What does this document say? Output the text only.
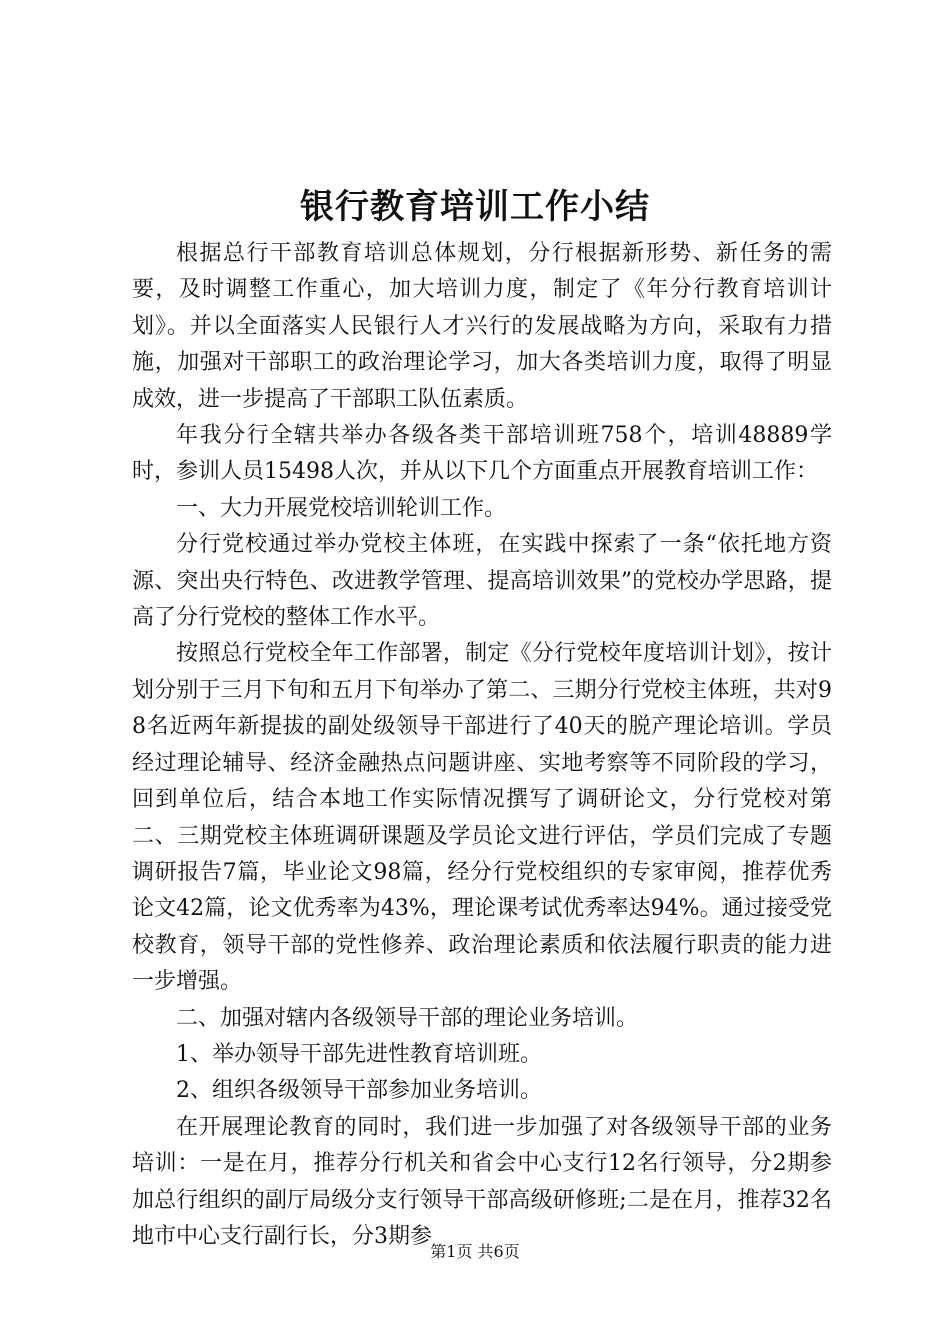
银行教育培训工作小结

根据总行干部教育培训总体规划，分行根据新形势、新任务的需要，及时调整工作重心，加大培训力度，制定了《年分行教育培训计划》。并以全面落实人民银行人才兴行的发展战略为方向，采取有力措施，加强对干部职工的政治理论学习，加大各类培训力度，取得了明显成效，进一步提高了干部职工队伍素质。

年我分行全辖共举办各级各类干部培训班758个，培训48889学时，参训人员15498人次，并从以下几个方面重点开展教育培训工作：

一、大力开展党校培训轮训工作。

分行党校通过举办党校主体班，在实践中探索了一条“依托地方资源、突出央行特色、改进教学管理、提高培训效果”的党校办学思路，提高了分行党校的整体工作水平。

按照总行党校全年工作部署，制定《分行党校年度培训计划》，按计划分别于三月下旬和五月下旬举办了第二、三期分行党校主体班，共对98名近两年新提拔的副处级领导干部进行了40天的脱产理论培训。学员经过理论辅导、经济金融热点问题讲座、实地考察等不同阶段的学习，回到单位后，结合本地工作实际情况撰写了调研论文，分行党校对第二、三期党校主体班调研课题及学员论文进行评估，学员们完成了专题调研报告7篇，毕业论文98篇，经分行党校组织的专家审阅，推荐优秀论文42篇，论文优秀率为43%，理论课考试优秀率达94%。通过接受党校教育，领导干部的党性修养、政治理论素质和依法履行职责的能力进一步增强。

二、加强对辖内各级领导干部的理论业务培训。

1、举办领导干部先进性教育培训班。

2、组织各级领导干部参加业务培训。

在开展理论教育的同时，我们进一步加强了对各级领导干部的业务培训：一是在月，推荐分行机关和省会中心支行12名行领导，分2期参加总行组织的副厅局级分支行领导干部高级研修班;二是在月，推荐32名地市中心支行副行长，分3期参

第1页 共6页
